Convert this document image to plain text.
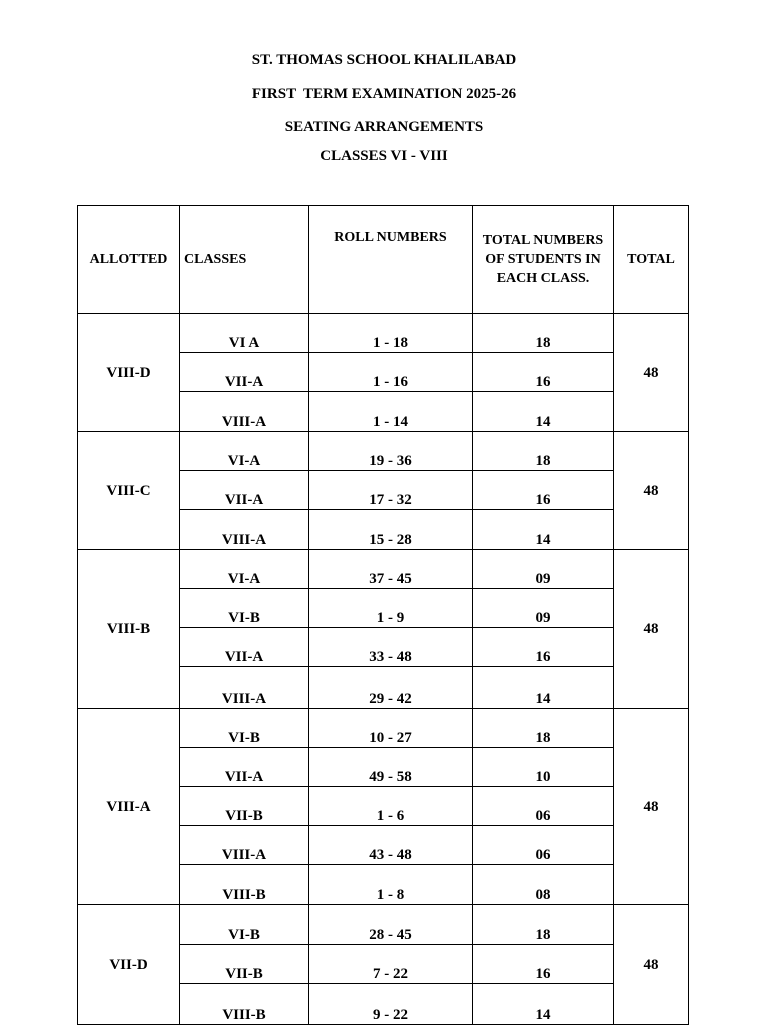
ST. THOMAS SCHOOL KHALILABAD
FIRST  TERM EXAMINATION 2025-26
SEATING ARRANGEMENTS
CLASSES VI - VIII
ALLOTTED	CLASSES	ROLL NUMBERS	TOTAL NUMBERS OF STUDENTS IN EACH CLASS.	TOTAL
VIII-D	VI A	1 - 18	18	48
	VII-A	1 - 16	16	
	VIII-A	1 - 14	14	
VIII-C	VI-A	19 - 36	18	48
	VII-A	17 - 32	16	
	VIII-A	15 - 28	14	
VIII-B	VI-A	37 - 45	09	48
	VI-B	1 - 9	09	
	VII-A	33 - 48	16	
	VIII-A	29 - 42	14	
VIII-A	VI-B	10 - 27	18	48
	VII-A	49 - 58	10	
	VII-B	1 - 6	06	
	VIII-A	43 - 48	06	
	VIII-B	1 - 8	08	
VII-D	VI-B	28 - 45	18	48
	VII-B	7 - 22	16	
	VIII-B	9 - 22	14	
